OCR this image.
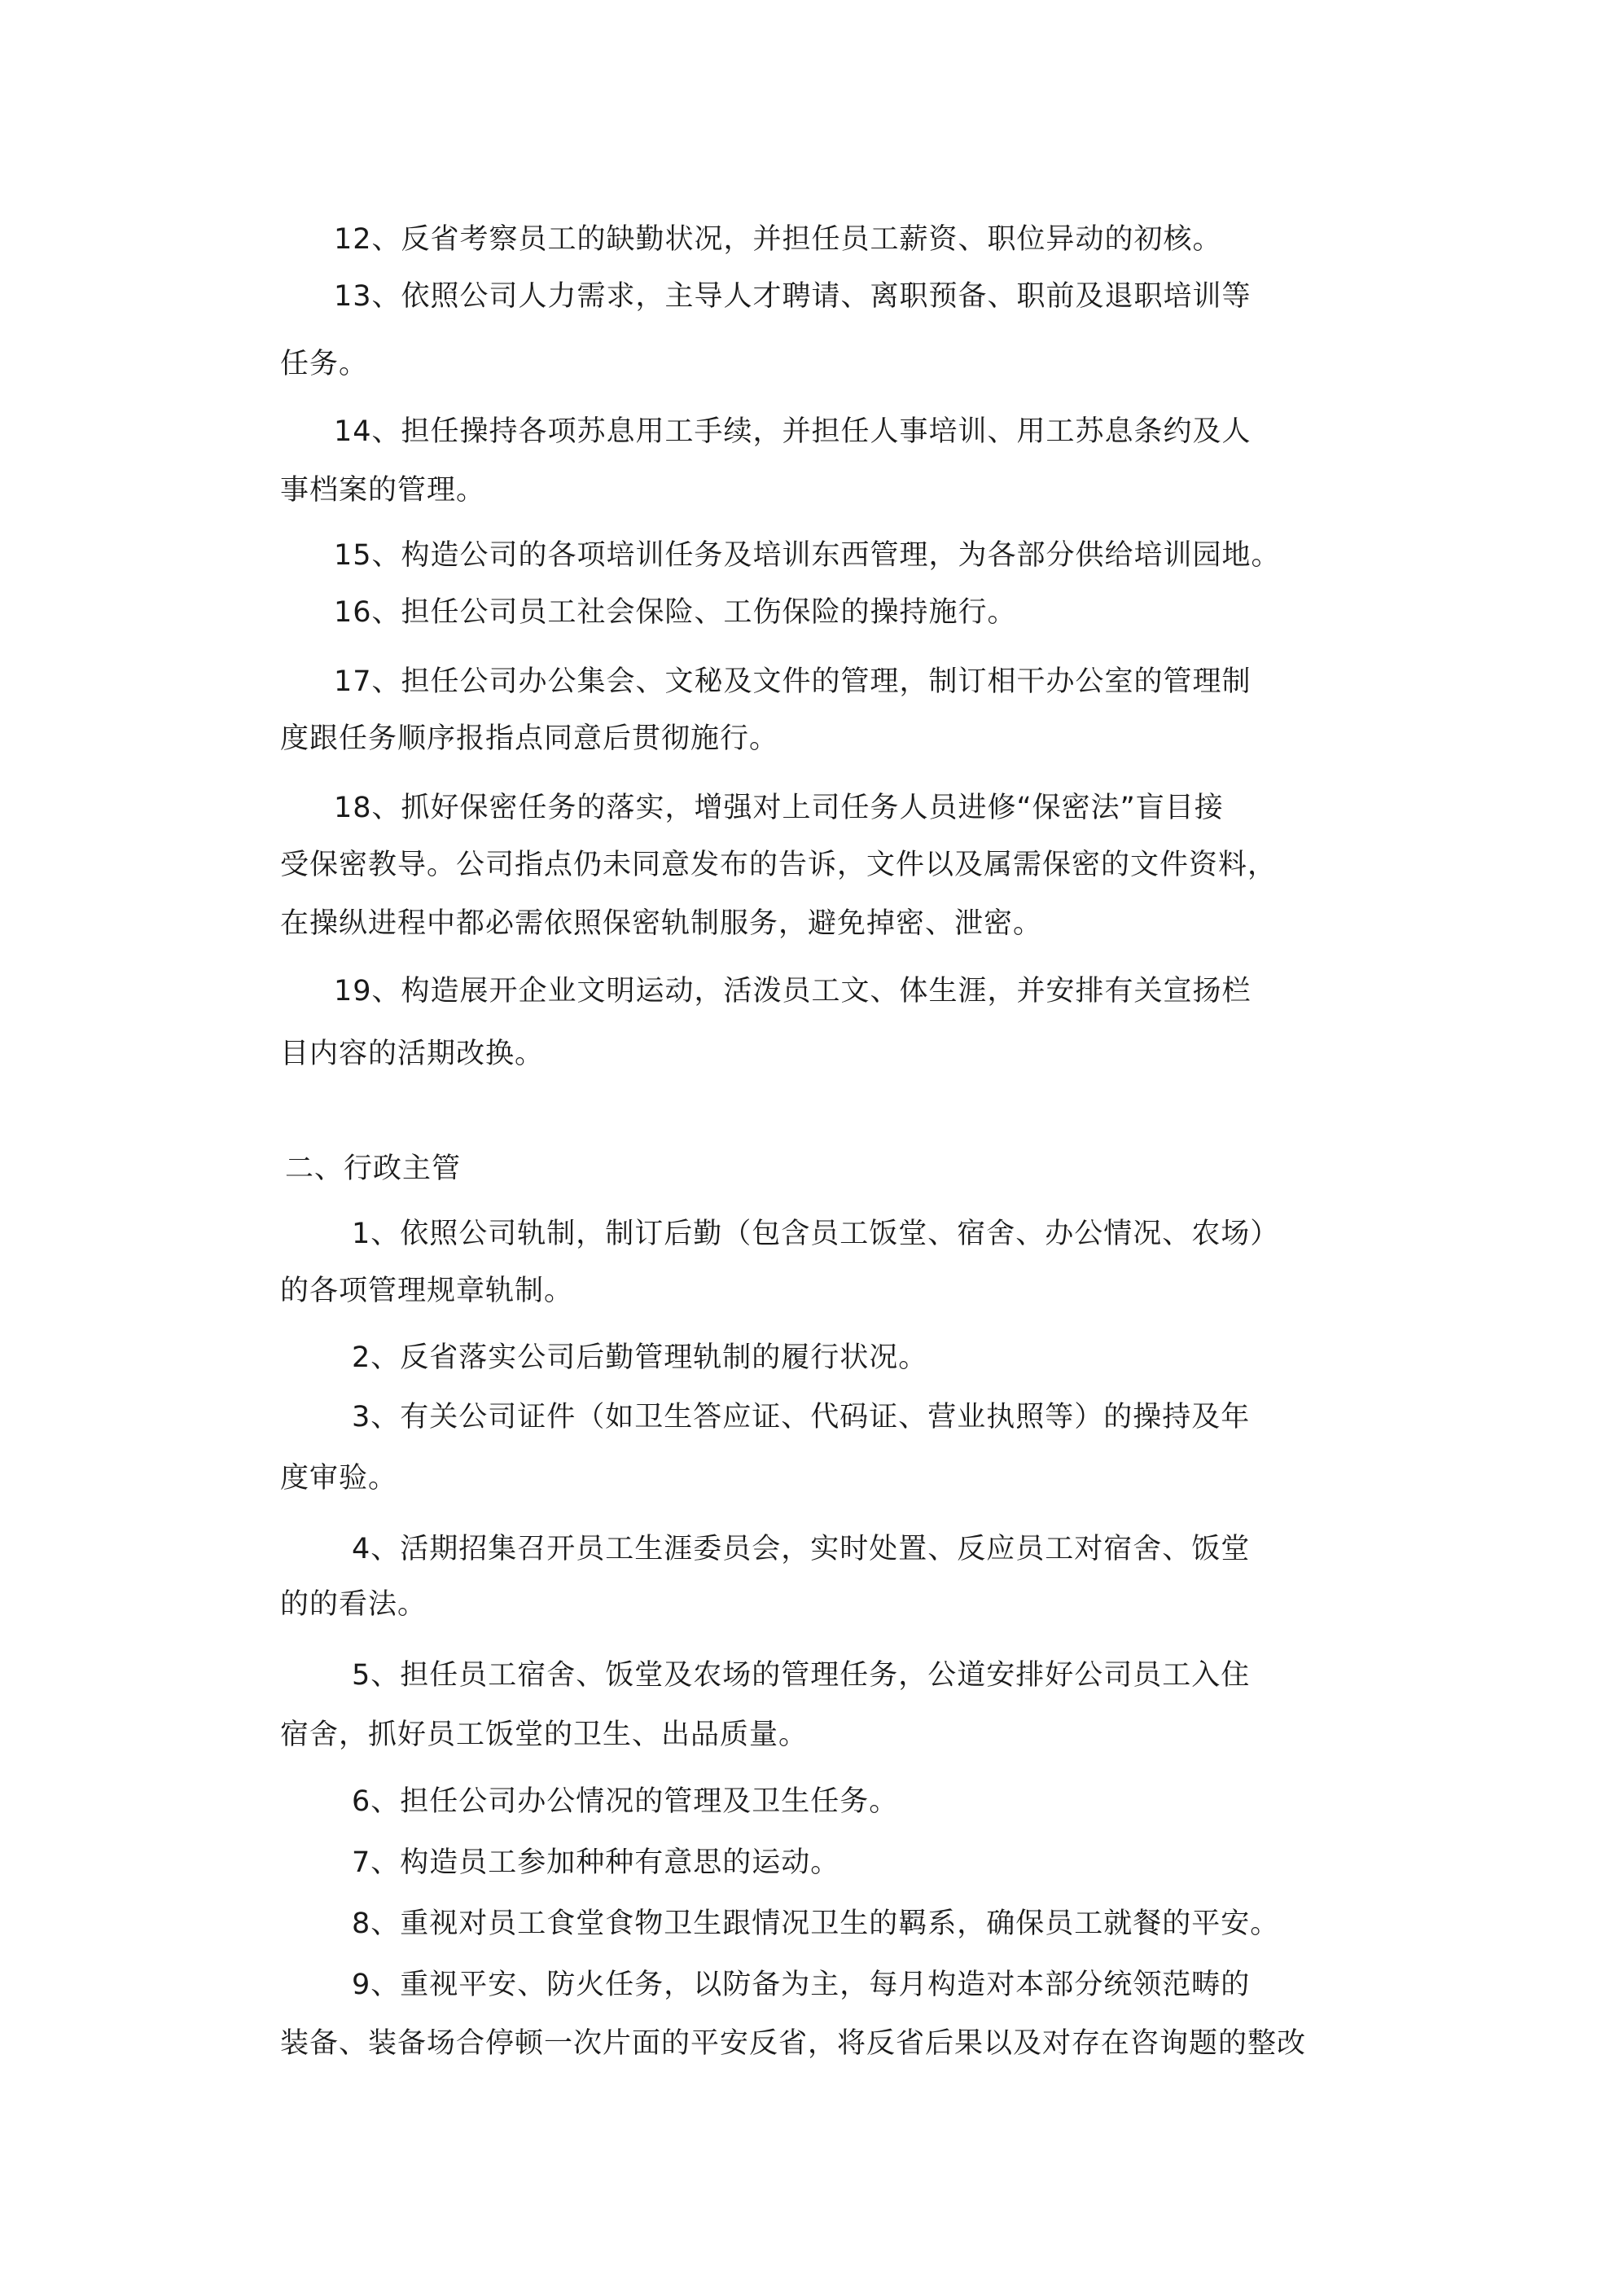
12、反省考察员工的缺勤状况，并担任员工薪资、职位异动的初核。
13、依照公司人力需求，主导人才聘请、离职预备、职前及退职培训等
任务。
14、担任操持各项苏息用工手续，并担任人事培训、用工苏息条约及人
事档案的管理。
15、构造公司的各项培训任务及培训东西管理，为各部分供给培训园地。
16、担任公司员工社会保险、工伤保险的操持施行。
17、担任公司办公集会、文秘及文件的管理，制订相干办公室的管理制
度跟任务顺序报指点同意后贯彻施行。
18、抓好保密任务的落实，增强对上司任务人员进修“保密法”盲目接
受保密教导。公司指点仍未同意发布的告诉，文件以及属需保密的文件资料，
在操纵进程中都必需依照保密轨制服务，避免掉密、泄密。
19、构造展开企业文明运动，活泼员工文、体生涯，并安排有关宣扬栏
目内容的活期改换。
二、行政主管
1、依照公司轨制，制订后勤（包含员工饭堂、宿舍、办公情况、农场）
的各项管理规章轨制。
2、反省落实公司后勤管理轨制的履行状况。
3、有关公司证件（如卫生答应证、代码证、营业执照等）的操持及年
度审验。
4、活期招集召开员工生涯委员会，实时处置、反应员工对宿舍、饭堂
的的看法。
5、担任员工宿舍、饭堂及农场的管理任务，公道安排好公司员工入住
宿舍，抓好员工饭堂的卫生、出品质量。
6、担任公司办公情况的管理及卫生任务。
7、构造员工参加种种有意思的运动。
8、重视对员工食堂食物卫生跟情况卫生的羁系，确保员工就餐的平安。
9、重视平安、防火任务，以防备为主，每月构造对本部分统领范畴的
装备、装备场合停顿一次片面的平安反省，将反省后果以及对存在咨询题的整改
